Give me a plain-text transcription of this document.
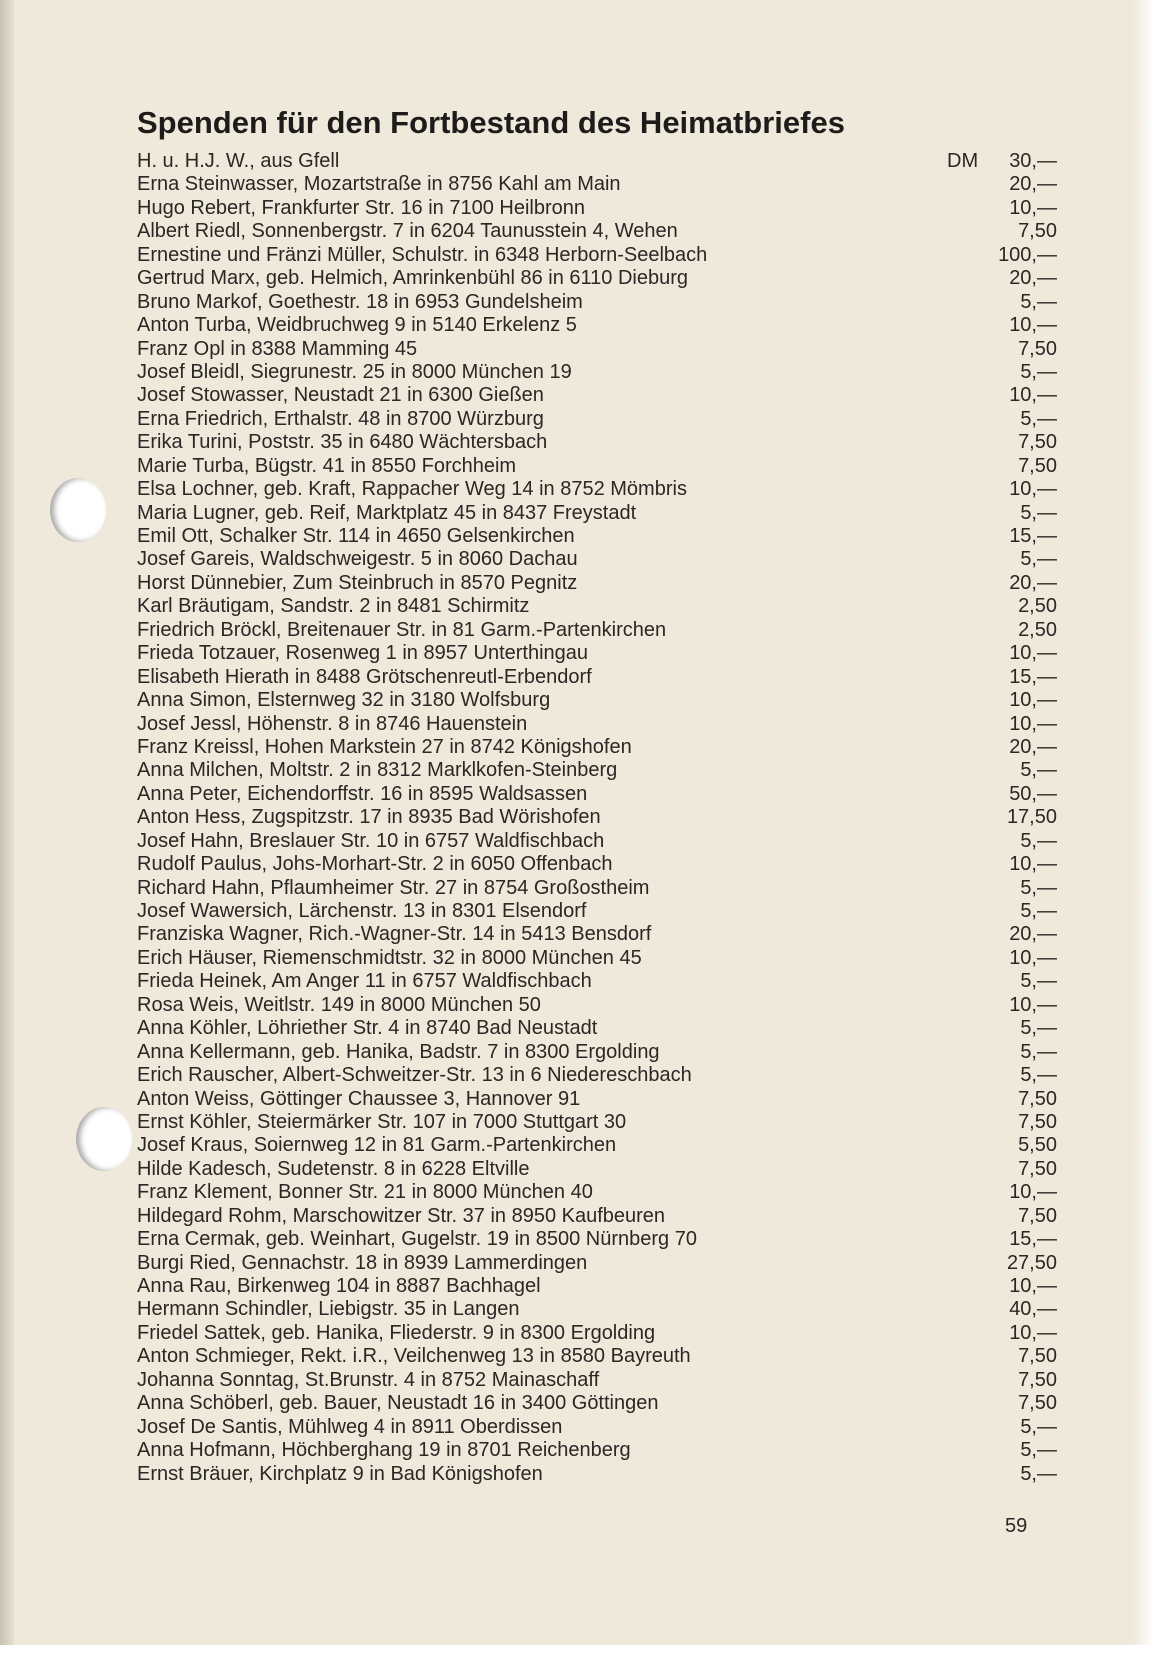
Spenden für den Fortbestand des Heimatbriefes
H. u. H.J. W., aus Gfell	DM 30,—
Erna Steinwasser, Mozartstraße in 8756 Kahl am Main	20,—
Hugo Rebert, Frankfurter Str. 16 in 7100 Heilbronn	10,—
Albert Riedl, Sonnenbergstr. 7 in 6204 Taunusstein 4, Wehen	7,50
Ernestine und Fränzi Müller, Schulstr. in 6348 Herborn-Seelbach	100,—
Gertrud Marx, geb. Helmich, Amrinkenbühl 86 in 6110 Dieburg	20,—
Bruno Markof, Goethestr. 18 in 6953 Gundelsheim	5,—
Anton Turba, Weidbruchweg 9 in 5140 Erkelenz 5	10,—
Franz Opl in 8388 Mamming 45	7,50
Josef Bleidl, Siegrunestr. 25 in 8000 München 19	5,—
Josef Stowasser, Neustadt 21 in 6300 Gießen	10,—
Erna Friedrich, Erthalstr. 48 in 8700 Würzburg	5,—
Erika Turini, Poststr. 35 in 6480 Wächtersbach	7,50
Marie Turba, Bügstr. 41 in 8550 Forchheim	7,50
Elsa Lochner, geb. Kraft, Rappacher Weg 14 in 8752 Mömbris	10,—
Maria Lugner, geb. Reif, Marktplatz 45 in 8437 Freystadt	5,—
Emil Ott, Schalker Str. 114 in 4650 Gelsenkirchen	15,—
Josef Gareis, Waldschweigestr. 5 in 8060 Dachau	5,—
Horst Dünnebier, Zum Steinbruch in 8570 Pegnitz	20,—
Karl Bräutigam, Sandstr. 2 in 8481 Schirmitz	2,50
Friedrich Bröckl, Breitenauer Str. in 81 Garm.-Partenkirchen	2,50
Frieda Totzauer, Rosenweg 1 in 8957 Unterthingau	10,—
Elisabeth Hierath in 8488 Grötschenreutl-Erbendorf	15,—
Anna Simon, Elsternweg 32 in 3180 Wolfsburg	10,—
Josef Jessl, Höhenstr. 8 in 8746 Hauenstein	10,—
Franz Kreissl, Hohen Markstein 27 in 8742 Königshofen	20,—
Anna Milchen, Moltstr. 2 in 8312 Marklkofen-Steinberg	5,—
Anna Peter, Eichendorffstr. 16 in 8595 Waldsassen	50,—
Anton Hess, Zugspitzstr. 17 in 8935 Bad Wörishofen	17,50
Josef Hahn, Breslauer Str. 10 in 6757 Waldfischbach	5,—
Rudolf Paulus, Johs-Morhart-Str. 2 in 6050 Offenbach	10,—
Richard Hahn, Pflaumheimer Str. 27 in 8754 Großostheim	5,—
Josef Wawersich, Lärchenstr. 13 in 8301 Elsendorf	5,—
Franziska Wagner, Rich.-Wagner-Str. 14 in 5413 Bensdorf	20,—
Erich Häuser, Riemenschmidtstr. 32 in 8000 München 45	10,—
Frieda Heinek, Am Anger 11 in 6757 Waldfischbach	5,—
Rosa Weis, Weitlstr. 149 in 8000 München 50	10,—
Anna Köhler, Löhriether Str. 4 in 8740 Bad Neustadt	5,—
Anna Kellermann, geb. Hanika, Badstr. 7 in 8300 Ergolding	5,—
Erich Rauscher, Albert-Schweitzer-Str. 13 in 6 Niedereschbach	5,—
Anton Weiss, Göttinger Chaussee 3, Hannover 91	7,50
Ernst Köhler, Steiermärker Str. 107 in 7000 Stuttgart 30	7,50
Josef Kraus, Soiernweg 12 in 81 Garm.-Partenkirchen	5,50
Hilde Kadesch, Sudetenstr. 8 in 6228 Eltville	7,50
Franz Klement, Bonner Str. 21 in 8000 München 40	10,—
Hildegard Rohm, Marschowitzer Str. 37 in 8950 Kaufbeuren	7,50
Erna Cermak, geb. Weinhart, Gugelstr. 19 in 8500 Nürnberg 70	15,—
Burgi Ried, Gennachstr. 18 in 8939 Lammerdingen	27,50
Anna Rau, Birkenweg 104 in 8887 Bachhagel	10,—
Hermann Schindler, Liebigstr. 35 in Langen	40,—
Friedel Sattek, geb. Hanika, Fliederstr. 9 in 8300 Ergolding	10,—
Anton Schmieger, Rekt. i.R., Veilchenweg 13 in 8580 Bayreuth	7,50
Johanna Sonntag, St.Brunstr. 4 in 8752 Mainaschaff	7,50
Anna Schöberl, geb. Bauer, Neustadt 16 in 3400 Göttingen	7,50
Josef De Santis, Mühlweg 4 in 8911 Oberdissen	5,—
Anna Hofmann, Höchberghang 19 in 8701 Reichenberg	5,—
Ernst Bräuer, Kirchplatz 9 in Bad Königshofen	5,—
59
